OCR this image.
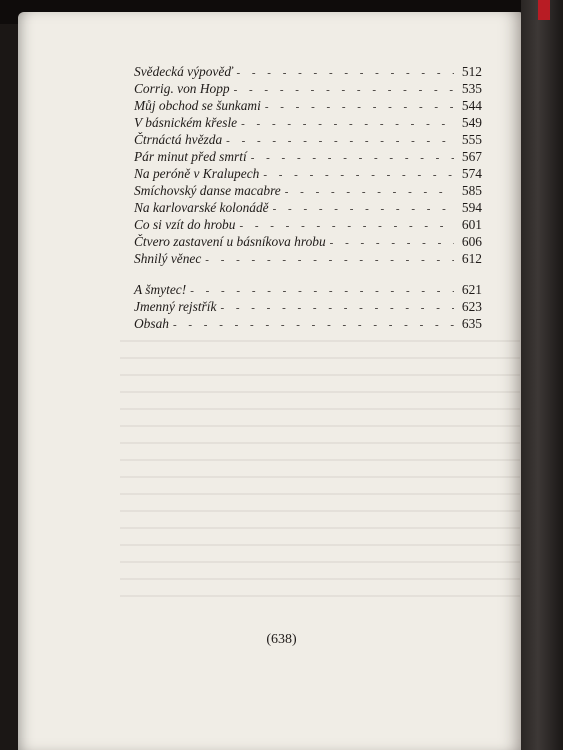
Svědecká výpověď - - -	512
Corrig. von Hopp - - -	535
Můj obchod se šunkami - - -	544
V básnickém křesle - - -	549
Čtrnáctá hvězda - - -	555
Pár minut před smrtí - - -	567
Na peróně v Kralupech - - -	574
Smíchovský danse macabre - - -	585
Na karlovarské kolonádě - - -	594
Co si vzít do hrobu - - -	601
Čtvero zastavení u básníkova hrobu - - -	606
Shnilý věnec - - -	612
A šmytec! - - -	621
Jmenný rejstřík - - -	623
Obsah - - -	635
(638)
